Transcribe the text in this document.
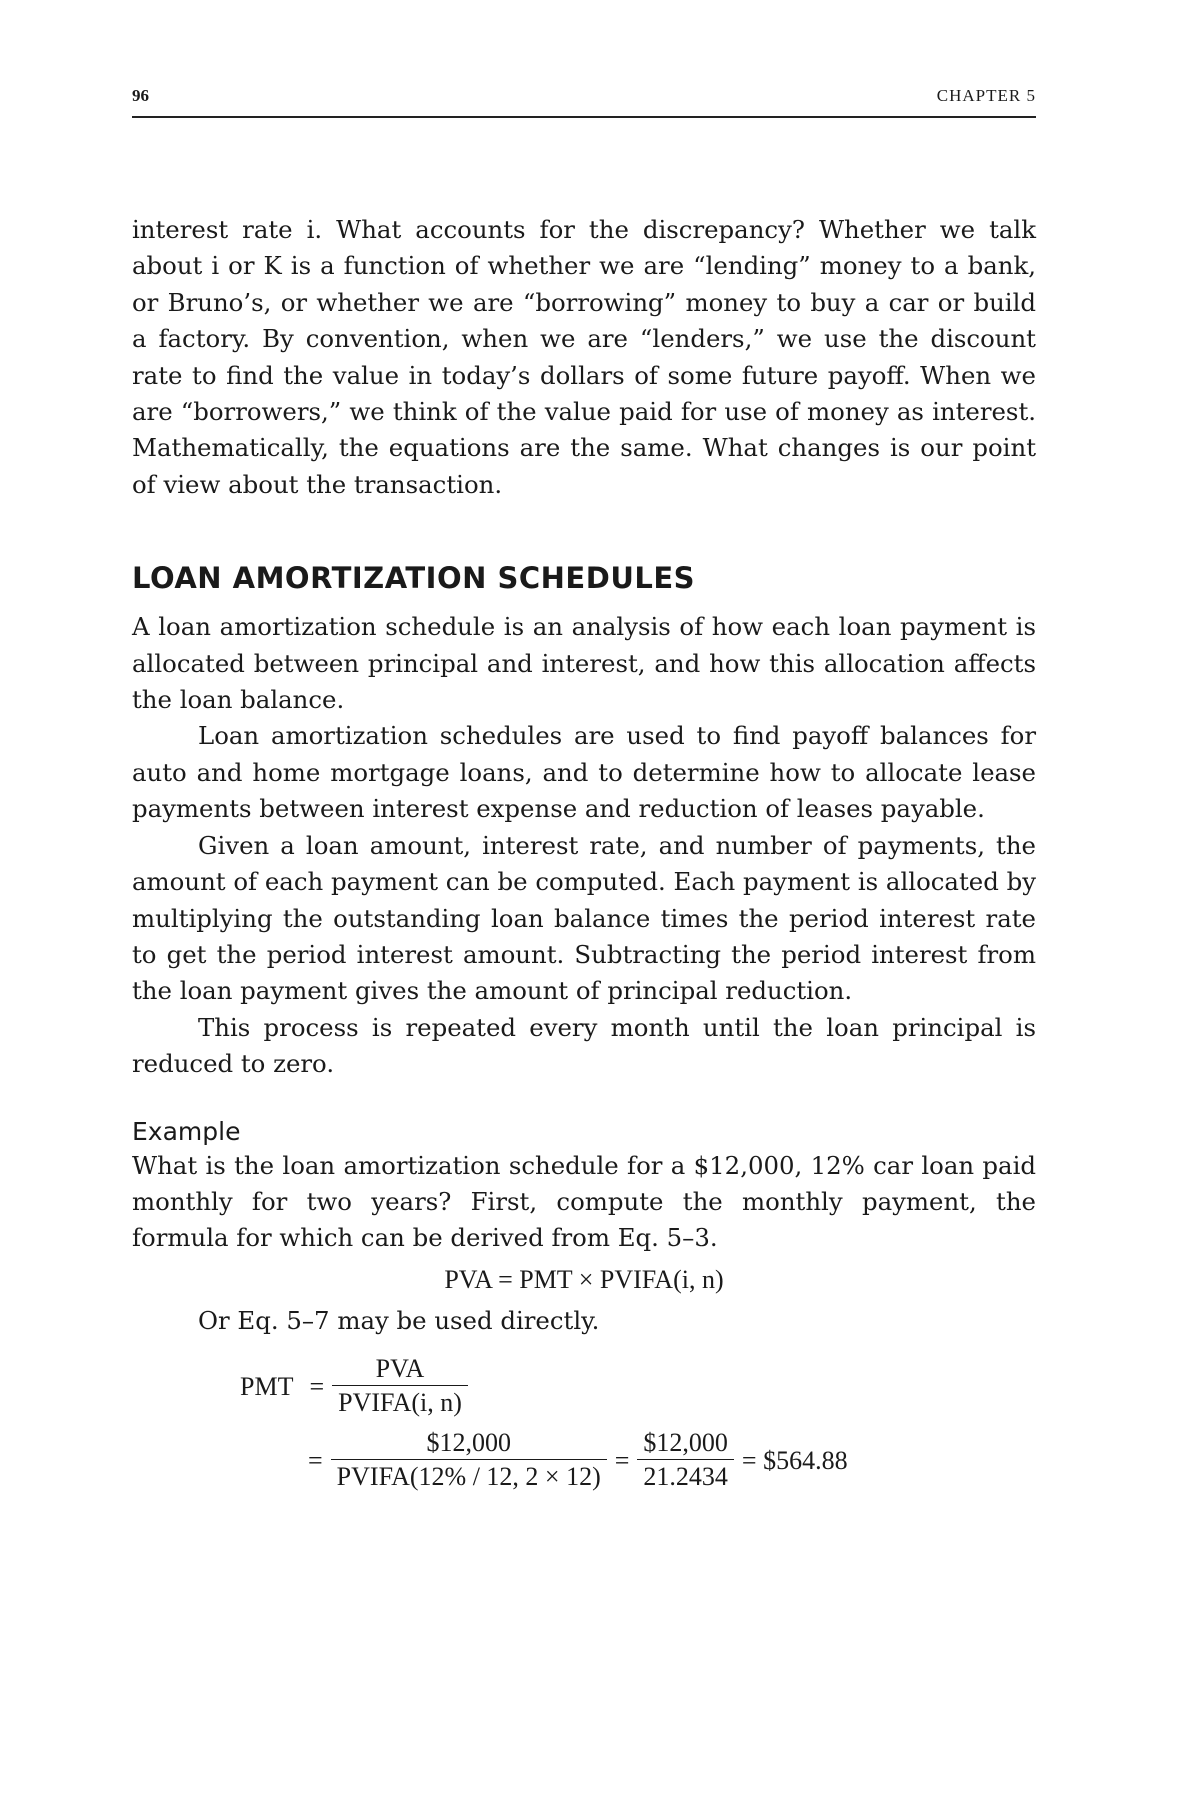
96	CHAPTER 5

interest rate i. What accounts for the discrepancy? Whether we talk about i or K is a function of whether we are “lending” money to a bank, or Bruno’s, or whether we are “borrowing” money to buy a car or build a factory. By convention, when we are “lenders,” we use the discount rate to find the value in today’s dollars of some future payoff. When we are “borrowers,” we think of the value paid for use of money as interest. Mathematically, the equations are the same. What changes is our point of view about the transaction.

LOAN AMORTIZATION SCHEDULES

A loan amortization schedule is an analysis of how each loan payment is allocated between principal and interest, and how this allocation affects the loan balance.

Loan amortization schedules are used to find payoff balances for auto and home mortgage loans, and to determine how to allocate lease payments between interest expense and reduction of leases payable.

Given a loan amount, interest rate, and number of payments, the amount of each payment can be computed. Each payment is allocated by multiplying the outstanding loan balance times the period interest rate to get the period interest amount. Subtracting the period interest from the loan payment gives the amount of principal reduction.

This process is repeated every month until the loan principal is reduced to zero.

Example

What is the loan amortization schedule for a $12,000, 12% car loan paid monthly for two years? First, compute the monthly payment, the formula for which can be derived from Eq. 5–3.

PVA = PMT × PVIFA(i, n)

Or Eq. 5–7 may be used directly.

PMT = $\frac{\text{PVA}}{\text{PVIFA(i, n)}}$
= $\frac{\$12,000}{\text{PVIFA(12\% / 12, 2 × 12)}} = \frac{\$12,000}{21.2434}$ = $564.88
